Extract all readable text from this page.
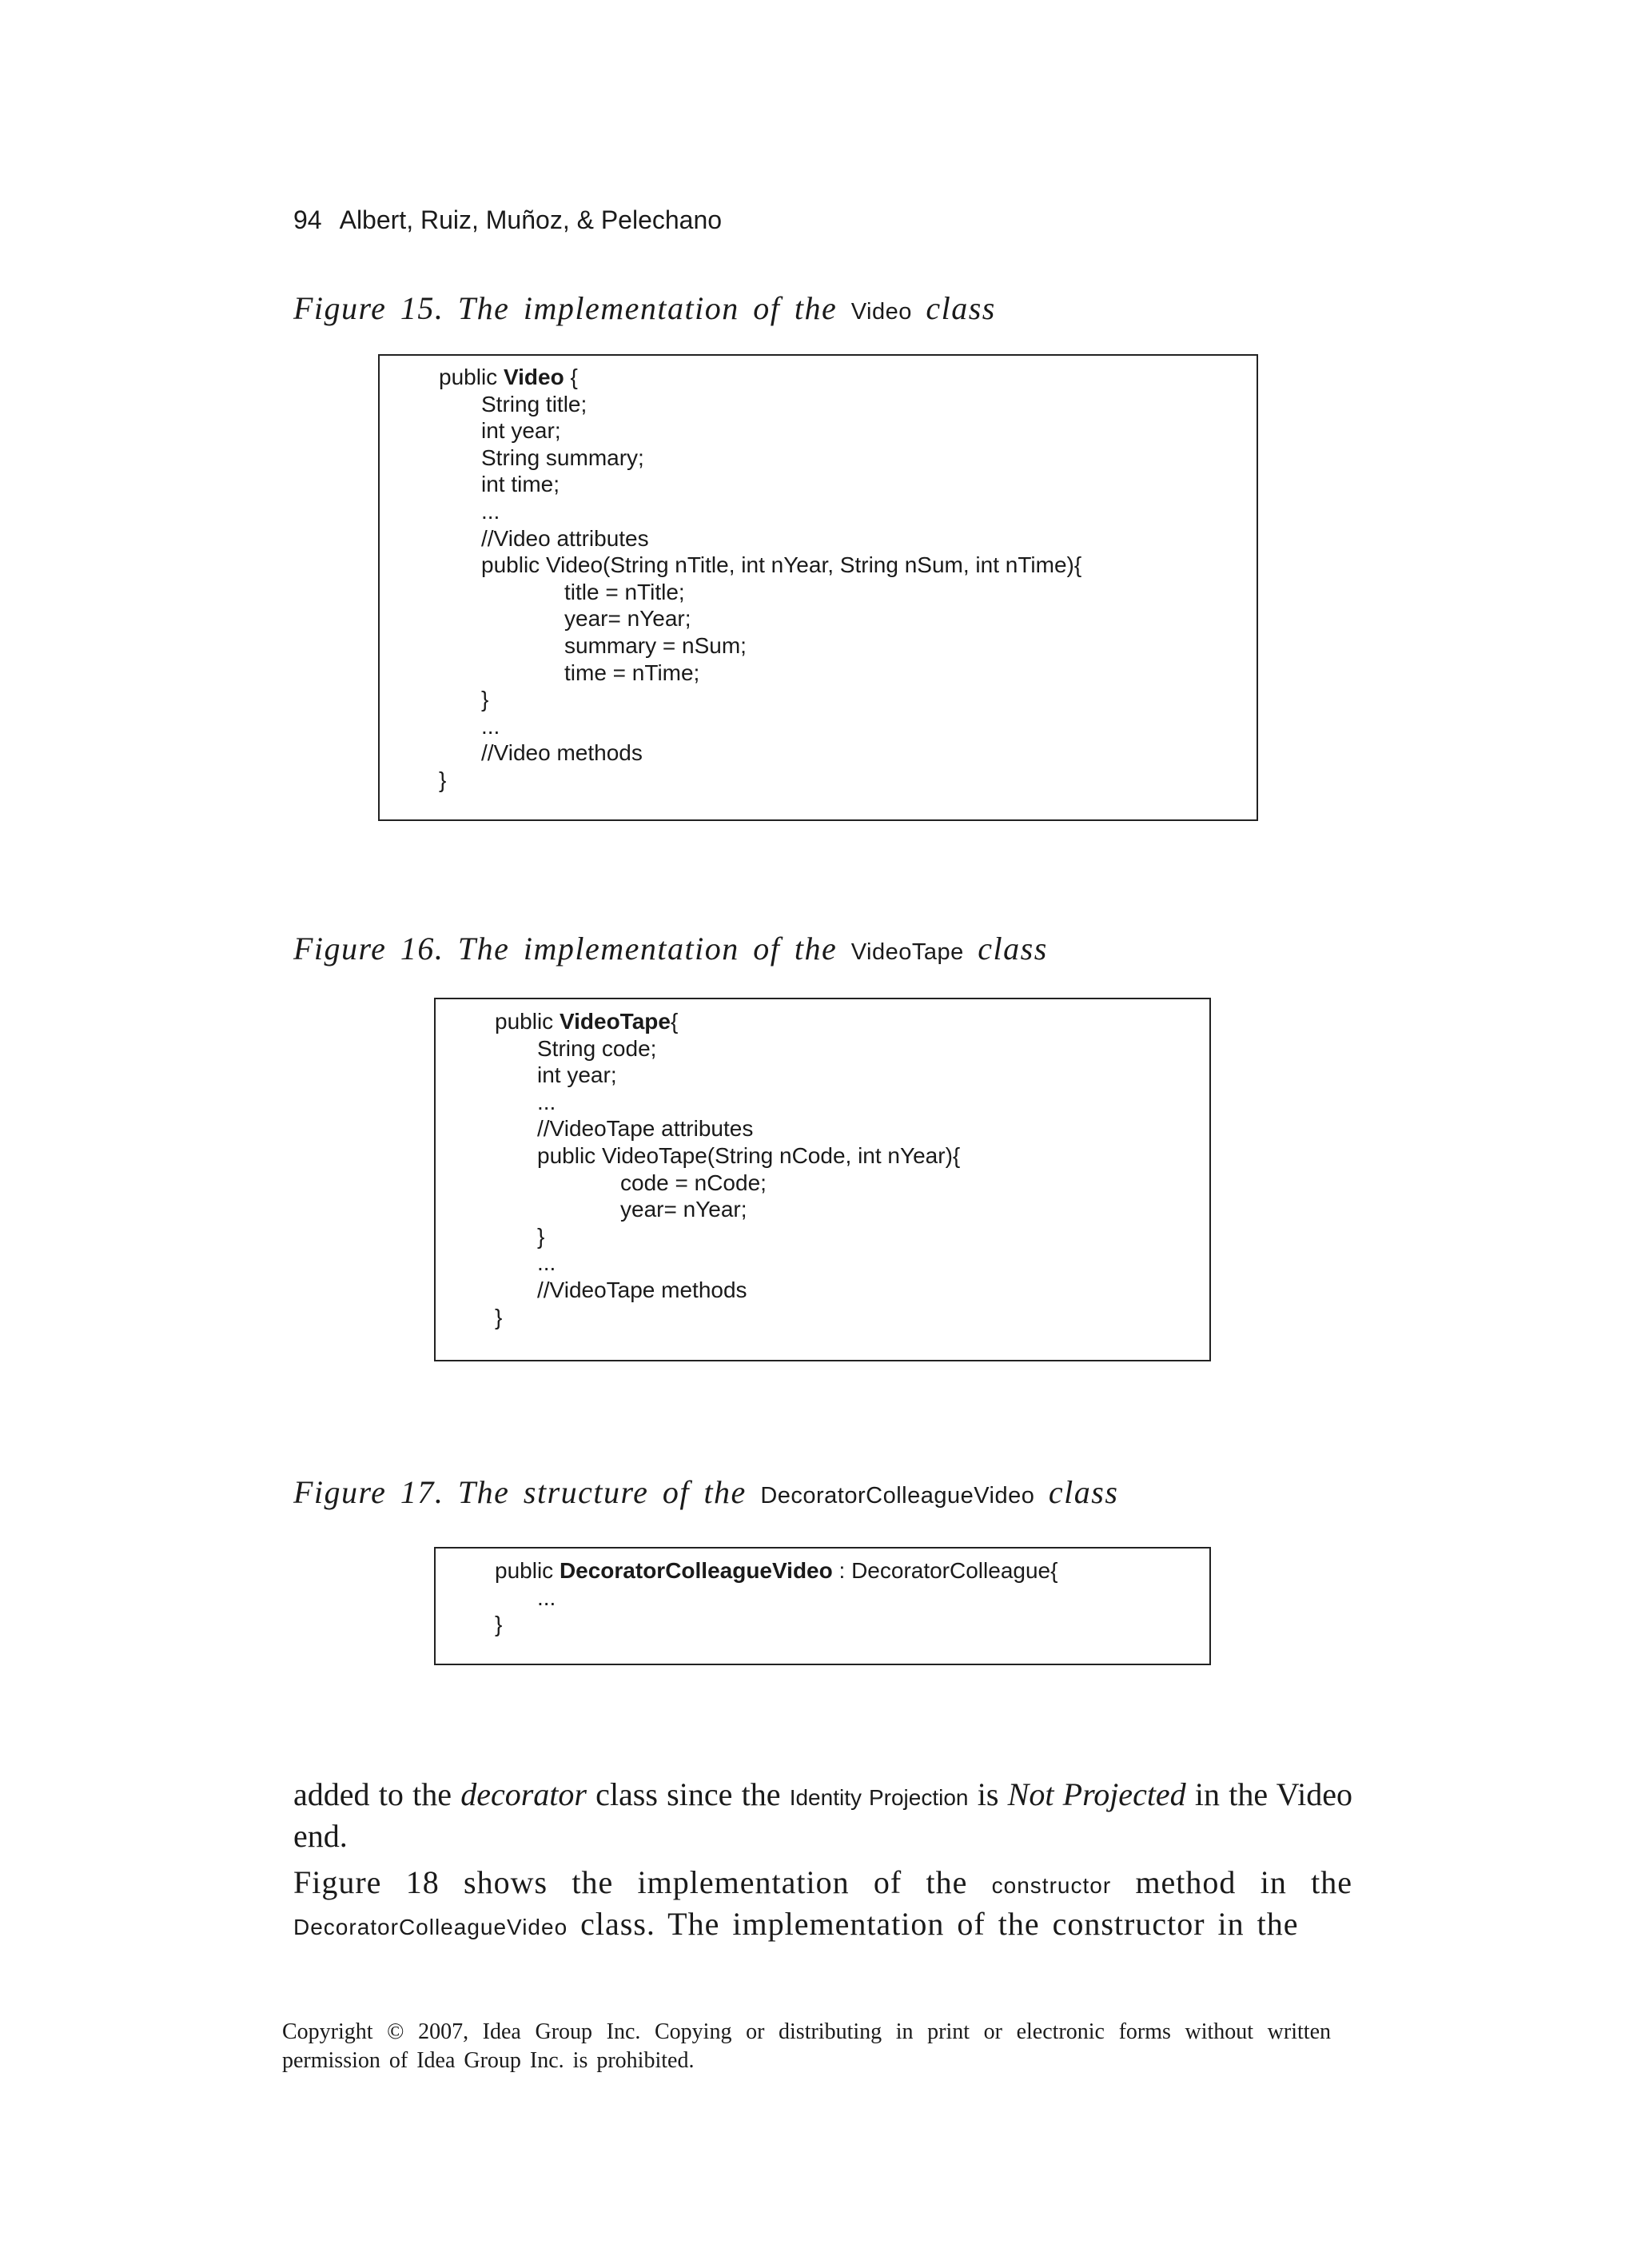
94 Albert, Ruiz, Muñoz, & Pelechano
Figure 15. The implementation of the Video class
public Video {
String title;
int year;
String summary;
int time;
...
//Video attributes
public Video(String nTitle, int nYear, String nSum, int nTime){
title = nTitle;
year= nYear;
summary = nSum;
time = nTime;
}
...
//Video methods
}
Figure 16. The implementation of the VideoTape class
public VideoTape{
String code;
int year;
...
//VideoTape attributes
public VideoTape(String nCode, int nYear){
code = nCode;
year= nYear;
}
...
//VideoTape methods
}
Figure 17. The structure of the DecoratorColleagueVideo class
public DecoratorColleagueVideo : DecoratorColleague{
...
}
added to the decorator class since the Identity Projection is Not Projected in the Video end.
Figure 18 shows the implementation of the constructor method in the DecoratorColleagueVideo class. The implementation of the constructor in the
Copyright © 2007, Idea Group Inc. Copying or distributing in print or electronic forms without written
permission of Idea Group Inc. is prohibited.
